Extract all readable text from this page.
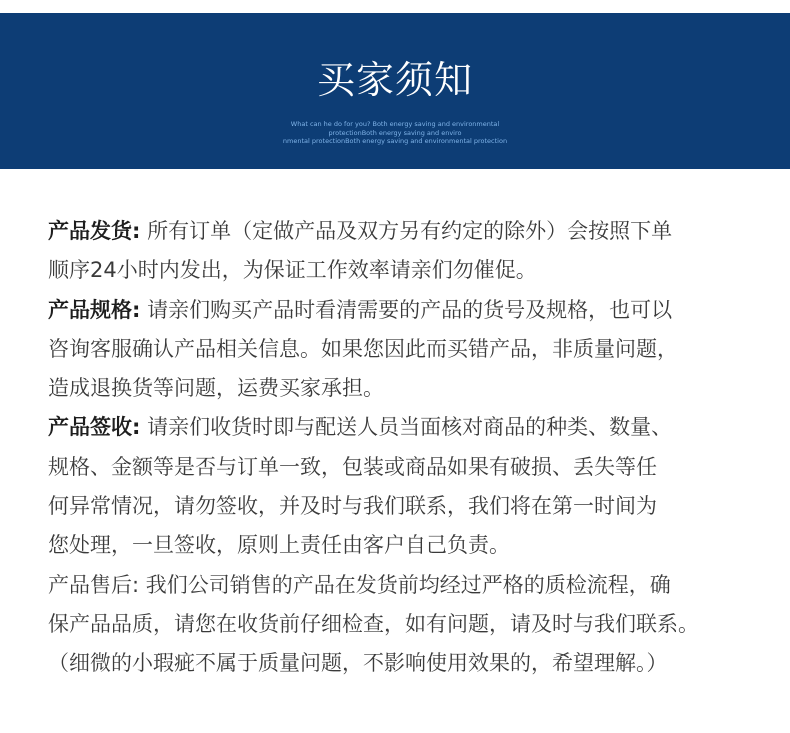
买家须知
What can he do for you? Both energy saving and environmental
protectionBoth energy saving and enviro
nmental protectionBoth energy saving and environmental protection
产品发货: 所有订单（定做产品及双方另有约定的除外）会按照下单
顺序24小时内发出，为保证工作效率请亲们勿催促。
产品规格: 请亲们购买产品时看清需要的产品的货号及规格，也可以
咨询客服确认产品相关信息。如果您因此而买错产品，非质量问题，
造成退换货等问题，运费买家承担。
产品签收: 请亲们收货时即与配送人员当面核对商品的种类、数量、
规格、金额等是否与订单一致，包装或商品如果有破损、丢失等任
何异常情况，请勿签收，并及时与我们联系，我们将在第一时间为
您处理，一旦签收，原则上责任由客户自己负责。
产品售后: 我们公司销售的产品在发货前均经过严格的质检流程，确
保产品品质，请您在收货前仔细检查，如有问题，请及时与我们联系。
（细微的小瑕疵不属于质量问题，不影响使用效果的，希望理解。）
